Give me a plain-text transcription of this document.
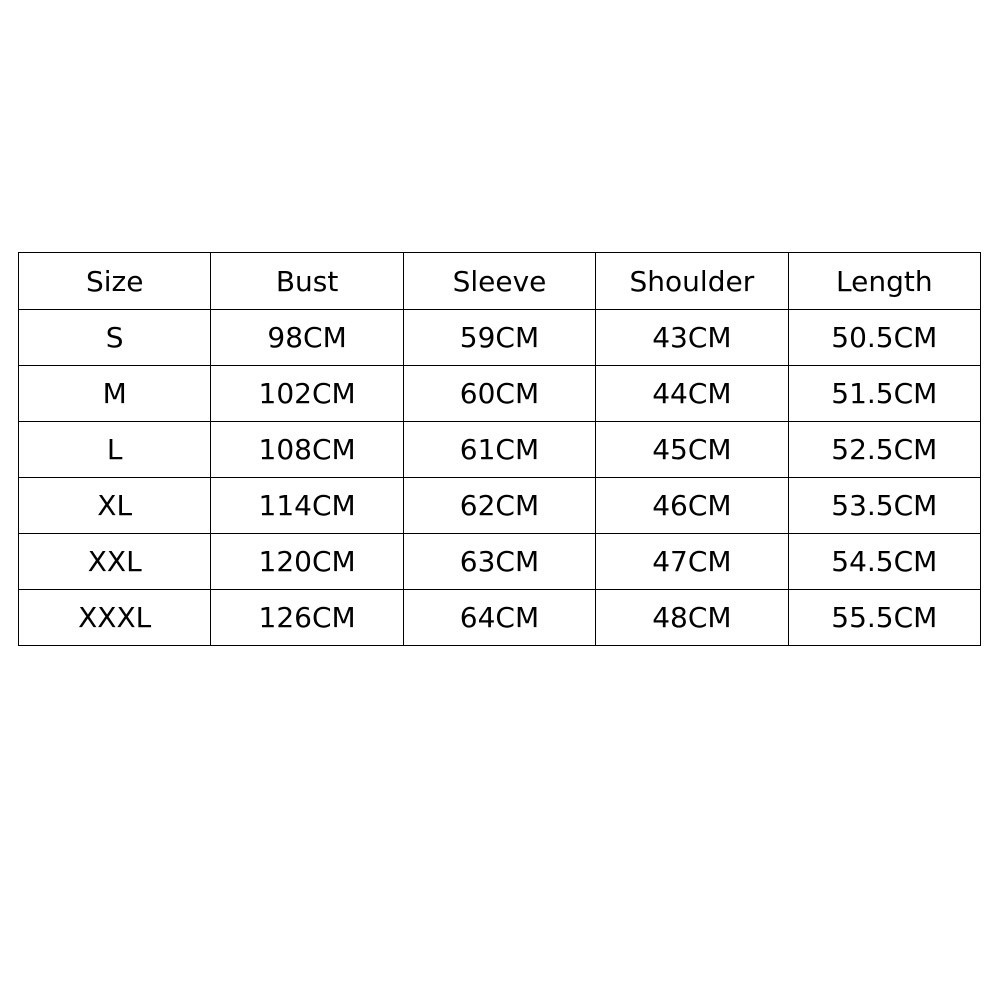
Size	Bust	Sleeve	Shoulder	Length
S	98CM	59CM	43CM	50.5CM
M	102CM	60CM	44CM	51.5CM
L	108CM	61CM	45CM	52.5CM
XL	114CM	62CM	46CM	53.5CM
XXL	120CM	63CM	47CM	54.5CM
XXXL	126CM	64CM	48CM	55.5CM
